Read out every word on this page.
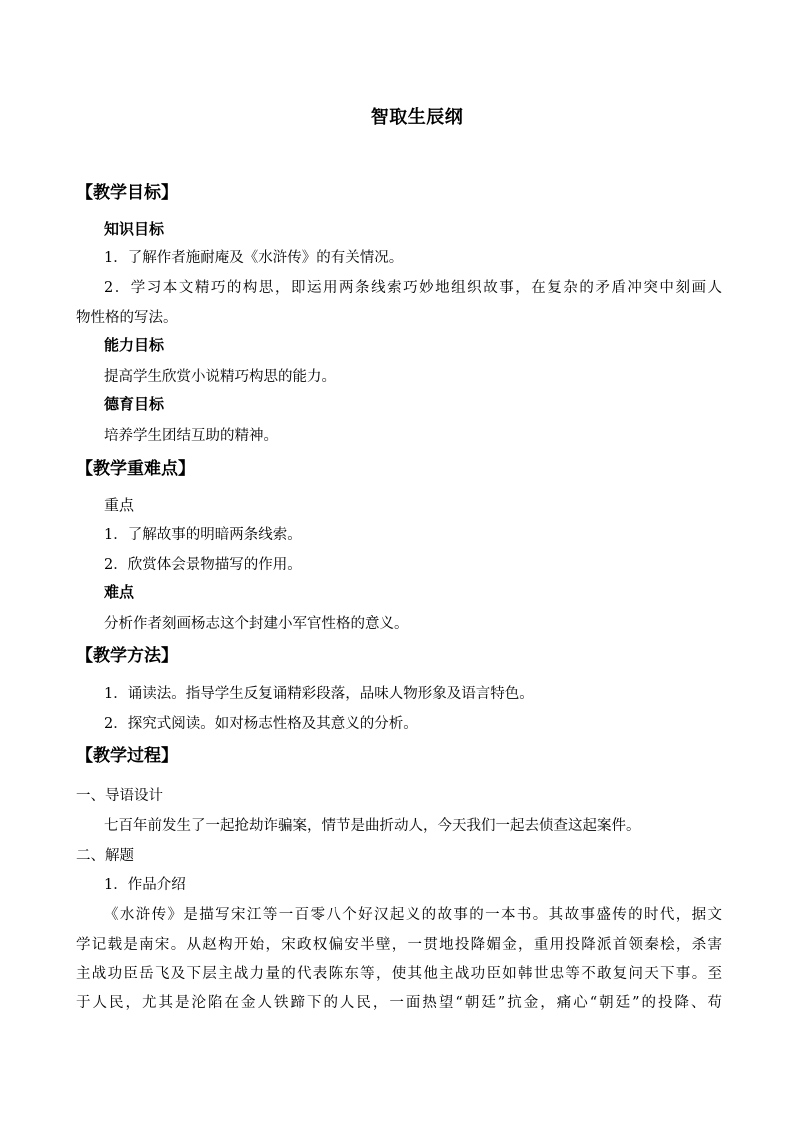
智取生辰纲
【教学目标】
知识目标
1．了解作者施耐庵及《水浒传》的有关情况。
2．学习本文精巧的构思，即运用两条线索巧妙地组织故事，在复杂的矛盾冲突中刻画人
物性格的写法。
能力目标
提高学生欣赏小说精巧构思的能力。
德育目标
培养学生团结互助的精神。
【教学重难点】
重点
1．了解故事的明暗两条线索。
2．欣赏体会景物描写的作用。
难点
分析作者刻画杨志这个封建小军官性格的意义。
【教学方法】
1．诵读法。指导学生反复诵精彩段落，品味人物形象及语言特色。
2．探究式阅读。如对杨志性格及其意义的分析。
【教学过程】
一、导语设计
七百年前发生了一起抢劫诈骗案，情节是曲折动人，今天我们一起去侦查这起案件。
二、解题
1．作品介绍
《水浒传》是描写宋江等一百零八个好汉起义的故事的一本书。其故事盛传的时代，据文
学记载是南宋。从赵构开始，宋政权偏安半壁，一贯地投降媚金，重用投降派首领秦桧，杀害
主战功臣岳飞及下层主战力量的代表陈东等，使其他主战功臣如韩世忠等不敢复问天下事。至
于人民，尤其是沦陷在金人铁蹄下的人民，一面热望“朝廷”抗金，痛心“朝廷”的投降、苟
